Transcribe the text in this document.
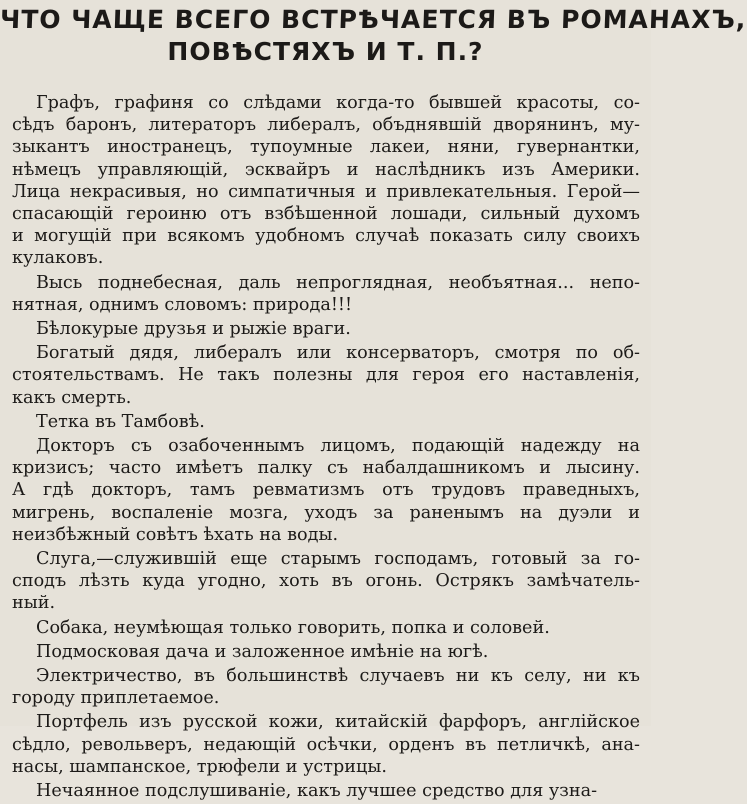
ЧТО ЧАЩЕ ВСЕГО ВСТРѢЧАЕТСЯ ВЪ РОМАНАХЪ,
ПОВѢСТЯХЪ И Т. П.?
Графъ, графиня со слѣдами когда-то бывшей красоты, со-
сѣдъ баронъ, литераторъ либералъ, объднявшій дворянинъ, му-
зыкантъ иностранецъ, тупоумные лакеи, няни, гувернантки,
нѣмецъ управляющій, эсквайръ и наслѣдникъ изъ Америки.
Лица некрасивыя, но симпатичныя и привлекательныя. Герой—
спасающій героиню отъ взбѣшенной лошади, сильный духомъ
и могущій при всякомъ удобномъ случаѣ показать силу своихъ
кулаковъ.
Высь поднебесная, даль непроглядная, необъятная... непо-
нятная, однимъ словомъ: природа!!!
Бѣлокурые друзья и рыжіе враги.
Богатый дядя, либералъ или консерваторъ, смотря по об-
стоятельствамъ. Не такъ полезны для героя его наставленія,
какъ смерть.
Тетка въ Тамбовѣ.
Докторъ съ озабоченнымъ лицомъ, подающій надежду на
кризисъ; часто имѣетъ палку съ набалдашникомъ и лысину.
А гдѣ докторъ, тамъ ревматизмъ отъ трудовъ праведныхъ,
мигрень, воспаленіе мозга, уходъ за раненымъ на дуэли и
неизбѣжный совѣтъ ѣхать на воды.
Слуга,—служившій еще старымъ господамъ, готовый за го-
сподъ лѣзть куда угодно, хоть въ огонь. Острякъ замѣчатель-
ный.
Собака, неумѣющая только говорить, попка и соловей.
Подмосковая дача и заложенное имѣніе на югѣ.
Электричество, въ большинствѣ случаевъ ни къ селу, ни къ
городу приплетаемое.
Портфель изъ русской кожи, китайскій фарфоръ, англійское
сѣдло, револьверъ, недающій осѣчки, орденъ въ петличкѣ, ана-
насы, шампанское, трюфели и устрицы.
Нечаянное подслушиваніе, какъ лучшее средство для узна-
